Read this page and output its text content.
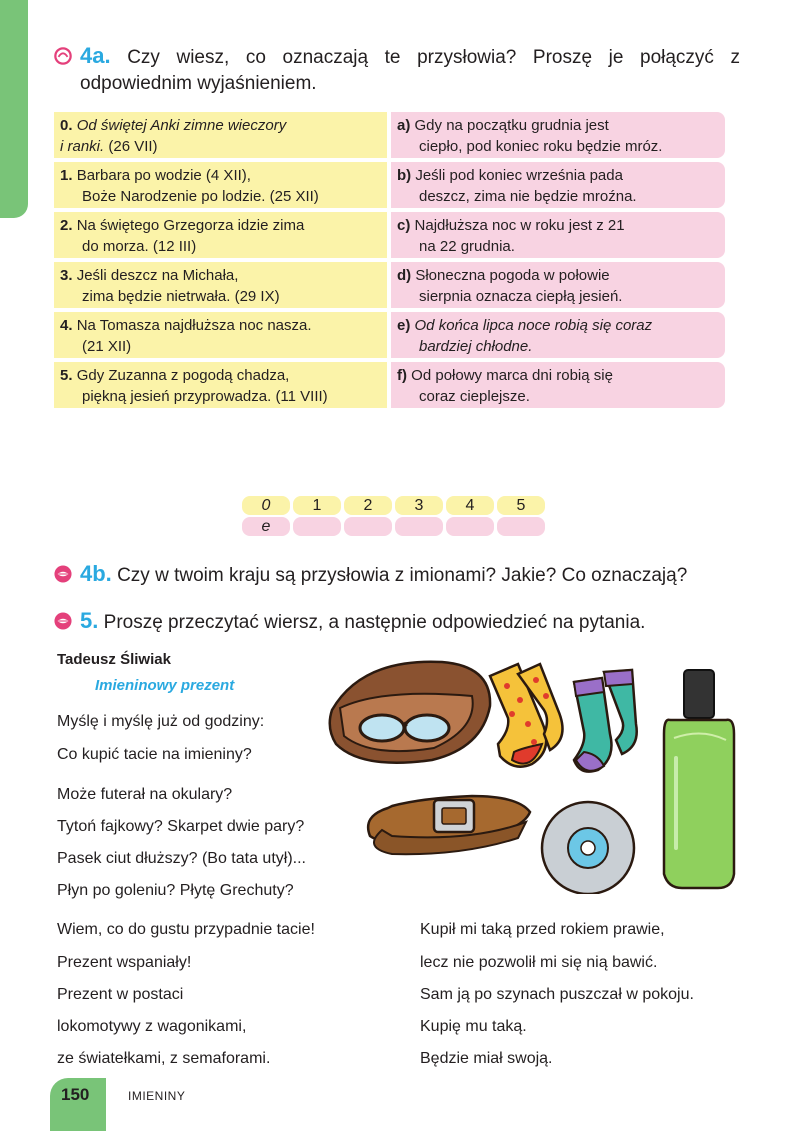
4a. Czy wiesz, co oznaczają te przysłowia? Proszę je połączyć z odpowiednim wyjaśnieniem.
0. Od świętej Anki zimne wieczory
i ranki. (26 VII)
a) Gdy na początku grudnia jest
ciepło, pod koniec roku będzie mróz.
1. Barbara po wodzie (4 XII),
Boże Narodzenie po lodzie. (25 XII)
b) Jeśli pod koniec września pada
deszcz, zima nie będzie mroźna.
2. Na świętego Grzegorza idzie zima
do morza. (12 III)
c) Najdłuższa noc w roku jest z 21
na 22 grudnia.
3. Jeśli deszcz na Michała,
zima będzie nietrwała. (29 IX)
d) Słoneczna pogoda w połowie
sierpnia oznacza ciepłą jesień.
4. Na Tomasza najdłuższa noc nasza.
(21 XII)
e) Od końca lipca noce robią się coraz
bardziej chłodne.
5. Gdy Zuzanna z pogodą chadza,
piękną jesień przyprowadza. (11 VIII)
f) Od połowy marca dni robią się
coraz cieplejsze.
0	1	2	3	4	5
e
4b. Czy w twoim kraju są przysłowia z imionami? Jakie? Co oznaczają?
5. Proszę przeczytać wiersz, a następnie odpowiedzieć na pytania.
Tadeusz Śliwiak
Imieninowy prezent
Myślę i myślę już od godziny:
Co kupić tacie na imieniny?
Może futerał na okulary?
Tytoń fajkowy? Skarpet dwie pary?
Pasek ciut dłuższy? (Bo tata utył)...
Płyn po goleniu? Płytę Grechuty?
Wiem, co do gustu przypadnie tacie!
Prezent wspaniały!
Prezent w postaci
lokomotywy z wagonikami,
ze światełkami, z semaforami.
Kupił mi taką przed rokiem prawie,
lecz nie pozwolił mi się nią bawić.
Sam ją po szynach puszczał w pokoju.
Kupię mu taką.
Będzie miał swoją.
150	IMIENINY
